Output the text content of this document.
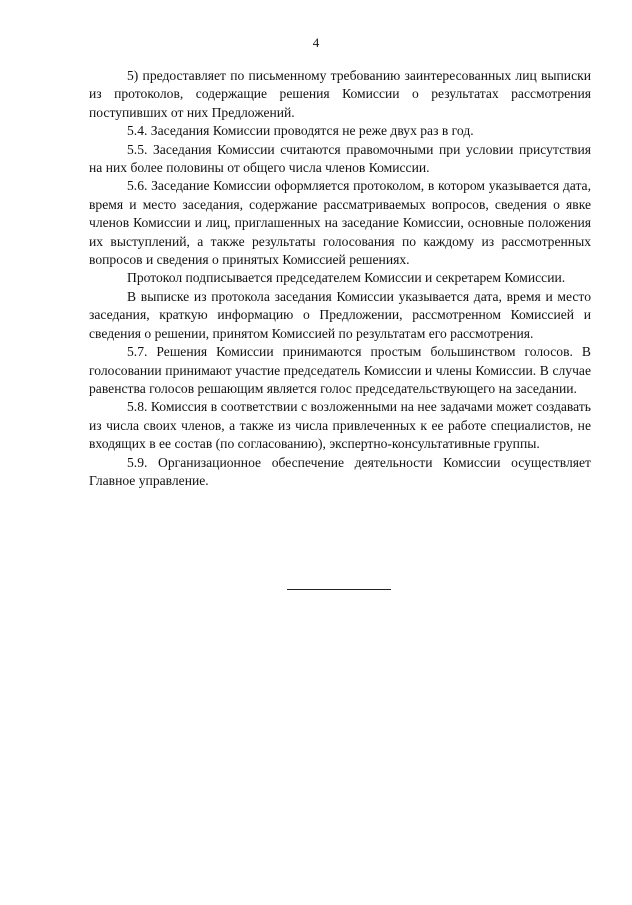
4

5) предоставляет по письменному требованию заинтересованных лиц выписки из протоколов, содержащие решения Комиссии о результатах рассмотрения поступивших от них Предложений.

5.4. Заседания Комиссии проводятся не реже двух раз в год.

5.5. Заседания Комиссии считаются правомочными при условии присутствия на них более половины от общего числа членов Комиссии.

5.6. Заседание Комиссии оформляется протоколом, в котором указывается дата, время и место заседания, содержание рассматриваемых вопросов, сведения о явке членов Комиссии и лиц, приглашенных на заседание Комиссии, основные положения их выступлений, а также результаты голосования по каждому из рассмотренных вопросов и сведения о принятых Комиссией решениях.

Протокол подписывается председателем Комиссии и секретарем Комиссии.

В выписке из протокола заседания Комиссии указывается дата, время и место заседания, краткую информацию о Предложении, рассмотренном Комиссией и сведения о решении, принятом Комиссией по результатам его рассмотрения.

5.7. Решения Комиссии принимаются простым большинством голосов. В голосовании принимают участие председатель Комиссии и члены Комиссии. В случае равенства голосов решающим является голос председательствующего на заседании.

5.8. Комиссия в соответствии с возложенными на нее задачами может создавать из числа своих членов, а также из числа привлеченных к ее работе специалистов, не входящих в ее состав (по согласованию), экспертно-консультативные группы.

5.9. Организационное обеспечение деятельности Комиссии осуществляет Главное управление.
